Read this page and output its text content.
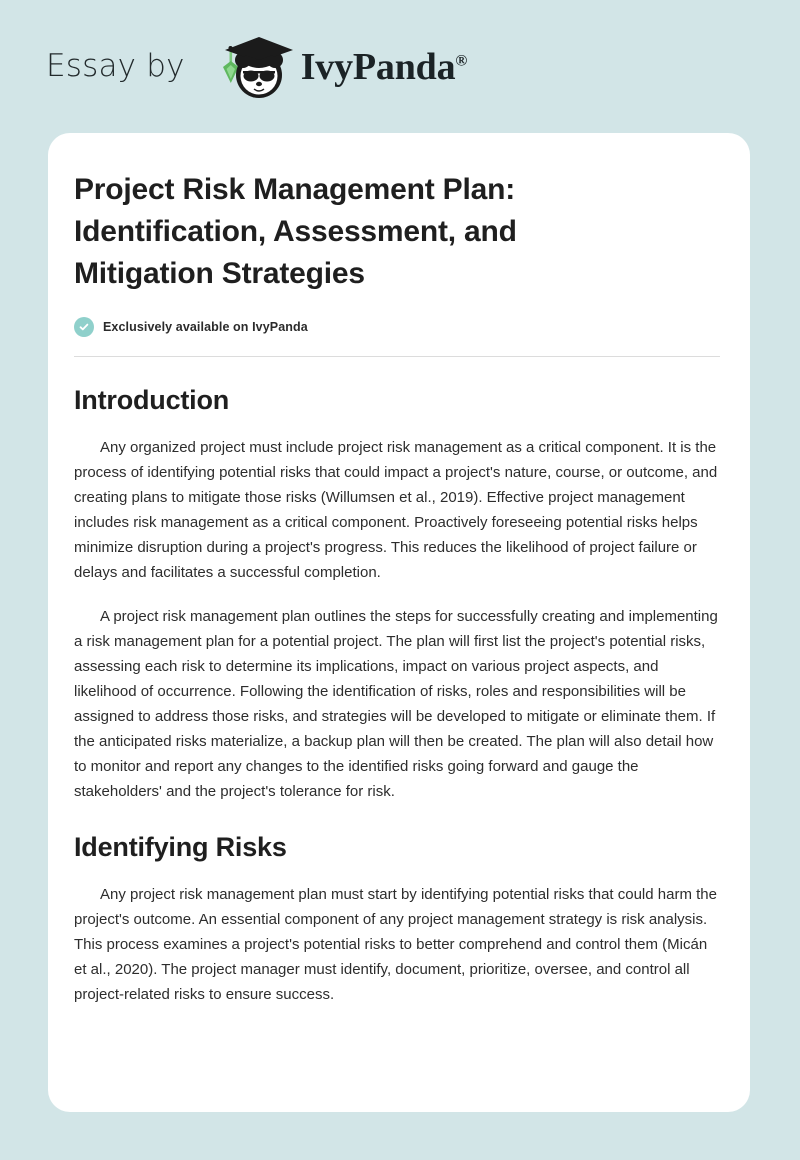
Essay by	IvyPanda®
Project Risk Management Plan: Identification, Assessment, and Mitigation Strategies
Exclusively available on IvyPanda
Introduction

Any organized project must include project risk management as a critical component. It is the process of identifying potential risks that could impact a project's nature, course, or outcome, and creating plans to mitigate those risks (Willumsen et al., 2019). Effective project management includes risk management as a critical component. Proactively foreseeing potential risks helps minimize disruption during a project's progress. This reduces the likelihood of project failure or delays and facilitates a successful completion.

A project risk management plan outlines the steps for successfully creating and implementing a risk management plan for a potential project. The plan will first list the project's potential risks, assessing each risk to determine its implications, impact on various project aspects, and likelihood of occurrence. Following the identification of risks, roles and responsibilities will be assigned to address those risks, and strategies will be developed to mitigate or eliminate them. If the anticipated risks materialize, a backup plan will then be created. The plan will also detail how to monitor and report any changes to the identified risks going forward and gauge the stakeholders' and the project's tolerance for risk.

Identifying Risks

Any project risk management plan must start by identifying potential risks that could harm the project's outcome. An essential component of any project management strategy is risk analysis. This process examines a project's potential risks to better comprehend and control them (Micán et al., 2020). The project manager must identify, document, prioritize, oversee, and control all project-related risks to ensure success.
